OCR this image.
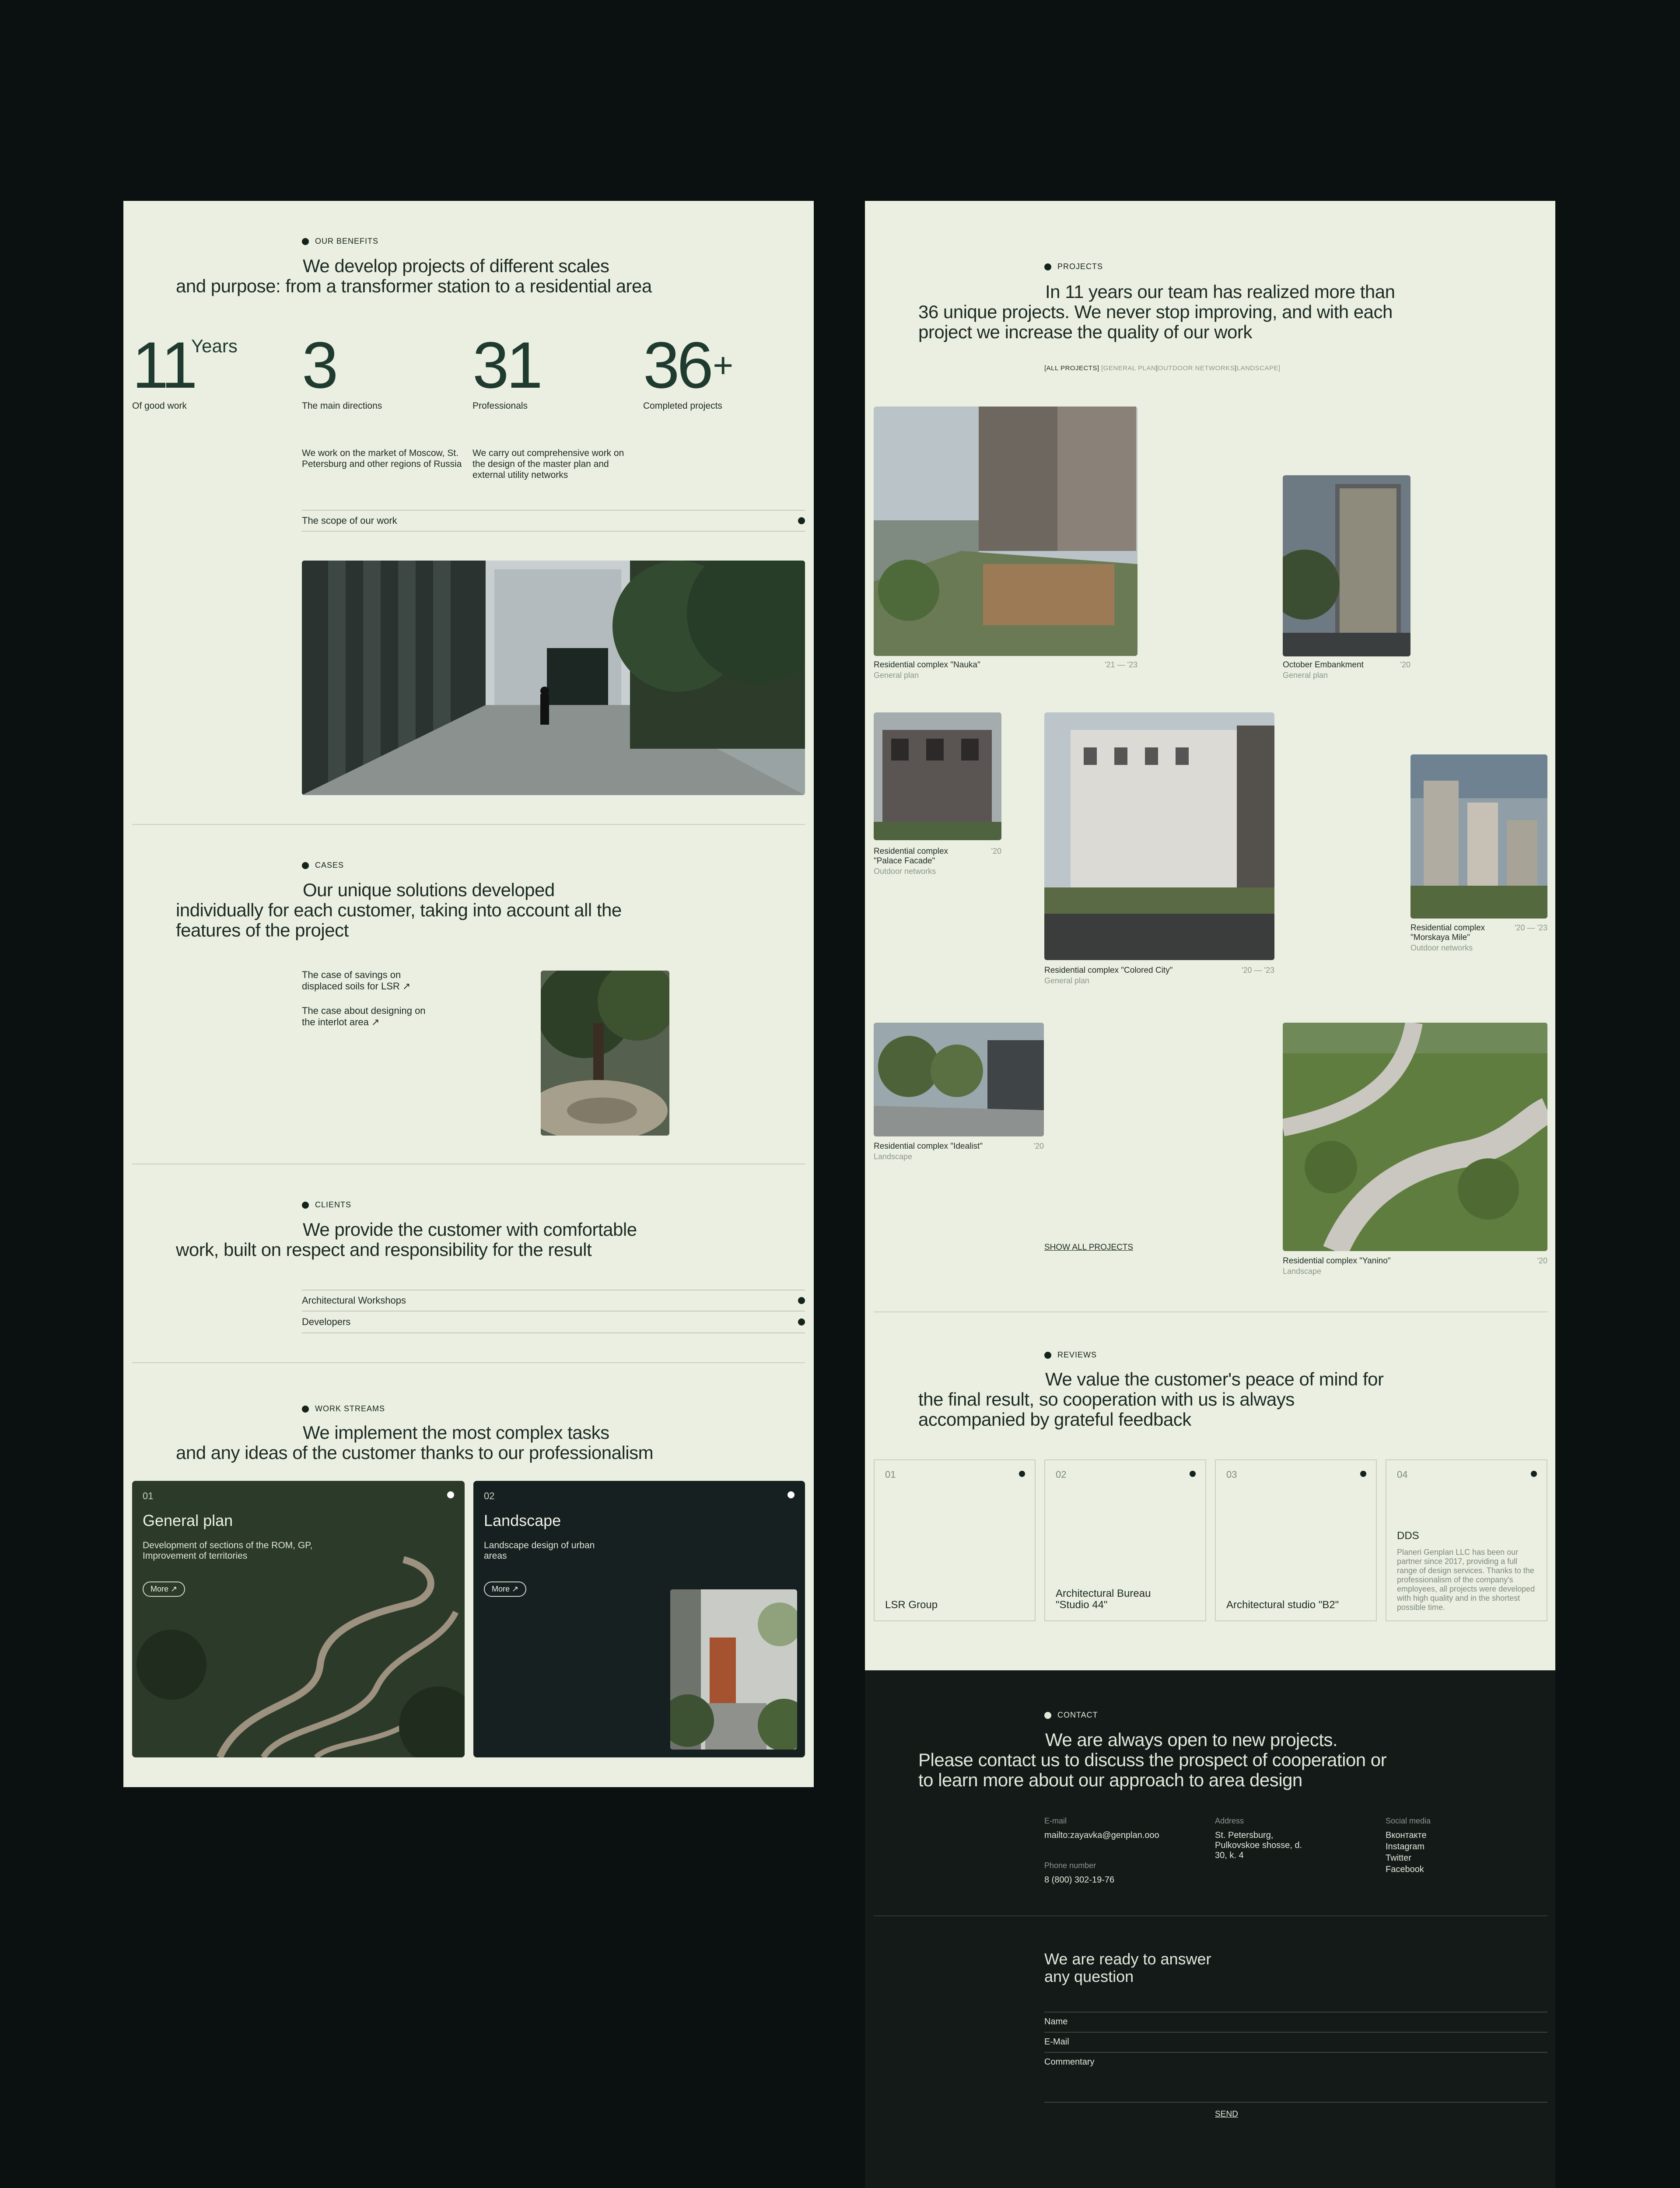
OUR BENEFITS
We develop projects of different scales
and purpose: from a transformer station to a residential area
11
Years
Of good work
3
The main directions
31
Professionals
36 +
Completed projects
We work on the market of Moscow, St. Petersburg and other regions of Russia
We carry out comprehensive work on the design of the master plan and external utility networks
The scope of our work
CASES
Our unique solutions developed
individually for each customer, taking into account all the
features of the project
The case of savings on displaced soils for LSR ↗
The case about designing on the interlot area ↗
CLIENTS
We provide the customer with comfortable
work, built on respect and responsibility for the result
Architectural Workshops
Developers
WORK STREAMS
We implement the most complex tasks
and any ideas of the customer thanks to our professionalism
01
General plan
Development of sections of the ROM, GP, Improvement of territories
More ↗
02
Landscape
Landscape design of urban areas
More ↗
PROJECTS
In 11 years our team has realized more than
36 unique projects. We never stop improving, and with each
project we increase the quality of our work
[ALL PROJECTS] [GENERAL PLAN]
[OUTDOOR NETWORKS]
[LANDSCAPE]
Residential complex "Nauka"	'21 — '23
General plan
October Embankment	'20
General plan
Residential complex "Palace Facade"
'20
Outdoor networks
Residential complex "Colored City"	'20 — '23
General plan
Residential complex "Morskaya Mile"
'20 — '23
Outdoor networks
Residential complex "Idealist"	'20
Landscape
Residential complex "Yanino"	'20
Landscape
SHOW ALL PROJECTS
REVIEWS
We value the customer's peace of mind for
the final result, so cooperation with us is always
accompanied by grateful feedback
01
LSR Group
02
Architectural Bureau "Studio 44"
03
Architectural studio "B2"
04
DDS
Planeri Genplan LLC has been our partner since 2017, providing a full range of design services. Thanks to the professionalism of the company's employees, all projects were developed with high quality and in the shortest possible time.
CONTACT
We are always open to new projects.
Please contact us to discuss the prospect of cooperation or
to learn more about our approach to area design
E-mail
mailto:zayavka@genplan.ooo
Phone number
8 (800) 302-19-76
Address
St. Petersburg, Pulkovskoe shosse, d. 30, k. 4
Social media
Вконтакте
Instagram
Twitter
Facebook
We are ready to answer
any question
Name
E-Mail
Commentary
SEND
